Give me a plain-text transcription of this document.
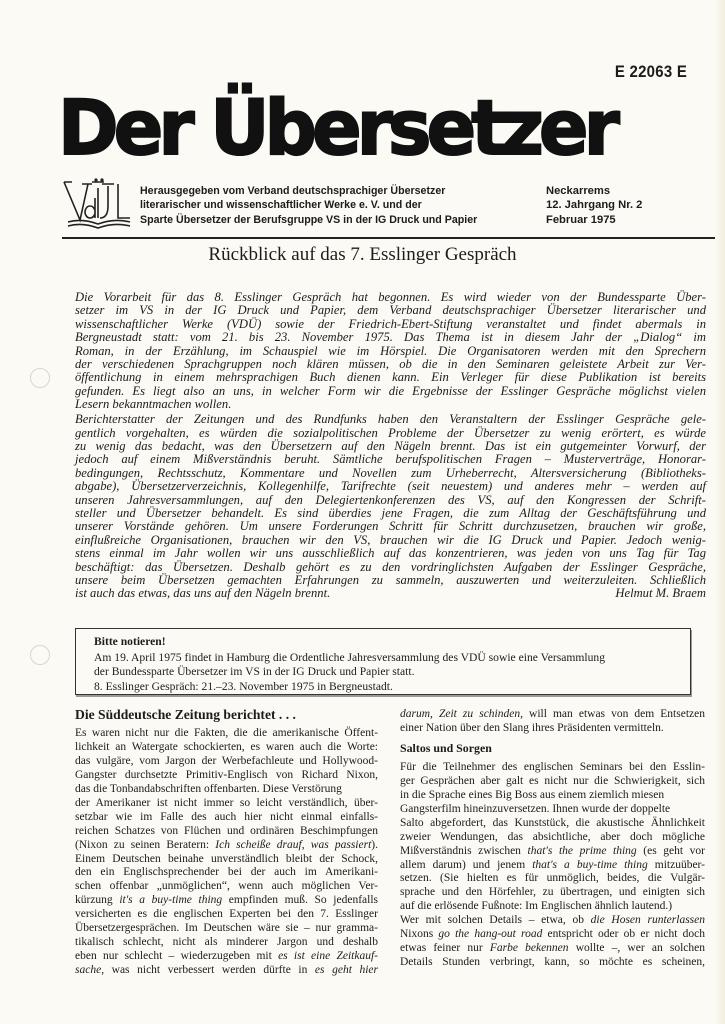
E 22063 E
Der Übersetzer
Herausgegeben vom Verband deutschsprachiger Übersetzer
literarischer und wissenschaftlicher Werke e. V. und der
Sparte Übersetzer der Berufsgruppe VS in der IG Druck und Papier
Neckarrems
12. Jahrgang Nr. 2
Februar 1975
Rückblick auf das 7. Esslinger Gespräch
Die Vorarbeit für das 8. Esslinger Gespräch hat begonnen. Es wird wieder von der Bundessparte Über-
setzer im VS in der IG Druck und Papier, dem Verband deutschsprachiger Übersetzer literarischer und
wissenschaftlicher Werke (VDÜ) sowie der Friedrich-Ebert-Stiftung veranstaltet und findet abermals in
Bergneustadt statt: vom 21. bis 23. November 1975. Das Thema ist in diesem Jahr der „Dialog“ im
Roman, in der Erzählung, im Schauspiel wie im Hörspiel. Die Organisatoren werden mit den Sprechern
der verschiedenen Sprachgruppen noch klären müssen, ob die in den Seminaren geleistete Arbeit zur Ver-
öffentlichung in einem mehrsprachigen Buch dienen kann. Ein Verleger für diese Publikation ist bereits
gefunden. Es liegt also an uns, in welcher Form wir die Ergebnisse der Esslinger Gespräche möglichst vielen
Lesern bekanntmachen wollen.
Berichterstatter der Zeitungen und des Rundfunks haben den Veranstaltern der Esslinger Gespräche gele-
gentlich vorgehalten, es würden die sozialpolitischen Probleme der Übersetzer zu wenig erörtert, es würde
zu wenig das bedacht, was den Übersetzern auf den Nägeln brennt. Das ist ein gutgemeinter Vorwurf, der
jedoch auf einem Mißverständnis beruht. Sämtliche berufspolitischen Fragen – Musterverträge, Honorar-
bedingungen, Rechtsschutz, Kommentare und Novellen zum Urheberrecht, Altersversicherung (Bibliotheks-
abgabe), Übersetzerverzeichnis, Kollegenhilfe, Tarifrechte (seit neuestem) und anderes mehr – werden auf
unseren Jahresversammlungen, auf den Delegiertenkonferenzen des VS, auf den Kongressen der Schrift-
steller und Übersetzer behandelt. Es sind überdies jene Fragen, die zum Alltag der Geschäftsführung und
unserer Vorstände gehören. Um unsere Forderungen Schritt für Schritt durchzusetzen, brauchen wir große,
einflußreiche Organisationen, brauchen wir den VS, brauchen wir die IG Druck und Papier. Jedoch wenig-
stens einmal im Jahr wollen wir uns ausschließlich auf das konzentrieren, was jeden von uns Tag für Tag
beschäftigt: das Übersetzen. Deshalb gehört es zu den vordringlichsten Aufgaben der Esslinger Gespräche,
unsere beim Übersetzen gemachten Erfahrungen zu sammeln, auszuwerten und weiterzuleiten. Schließlich
ist auch das etwas, das uns auf den Nägeln brennt.	Helmut M. Braem
Bitte notieren!
Am 19. April 1975 findet in Hamburg die Ordentliche Jahresversammlung des VDÜ sowie eine Versammlung
der Bundessparte Übersetzer im VS in der IG Druck und Papier statt.
8. Esslinger Gespräch: 21.–23. November 1975 in Bergneustadt.
Die Süddeutsche Zeitung berichtet . . .
Es waren nicht nur die Fakten, die die amerikanische Öffent-
lichkeit an Watergate schockierten, es waren auch die Worte:
das vulgäre, vom Jargon der Werbefachleute und Hollywood-
Gangster durchsetzte Primitiv-Englisch von Richard Nixon,
das die Tonbandabschriften offenbarten. Diese Verstörung
der Amerikaner ist nicht immer so leicht verständlich, über-
setzbar wie im Falle des auch hier nicht einmal einfalls-
reichen Schatzes von Flüchen und ordinären Beschimpfungen
(Nixon zu seinen Beratern: Ich scheiße drauf, was passiert).
Einem Deutschen beinahe unverständlich bleibt der Schock,
den ein Englischsprechender bei der auch im Amerikani-
schen offenbar „unmöglichen“, wenn auch möglichen Ver-
kürzung it's a buy-time thing empfinden muß. So jedenfalls
versicherten es die englischen Experten bei den 7. Esslinger
Übersetzergesprächen. Im Deutschen wäre sie – nur gramma-
tikalisch schlecht, nicht als minderer Jargon und deshalb
eben nur schlecht – wiederzugeben mit es ist eine Zeitkauf-
sache, was nicht verbessert werden dürfte in es geht hier
darum, Zeit zu schinden, will man etwas von dem Entsetzen
einer Nation über den Slang ihres Präsidenten vermitteln.
Saltos und Sorgen
Für die Teilnehmer des englischen Seminars bei den Esslin-
ger Gesprächen aber galt es nicht nur die Schwierigkeit, sich
in die Sprache eines Big Boss aus einem ziemlich miesen
Gangsterfilm hineinzuversetzen. Ihnen wurde der doppelte
Salto abgefordert, das Kunststück, die akustische Ähnlichkeit
zweier Wendungen, das absichtliche, aber doch mögliche
Mißverständnis zwischen that's the prime thing (es geht vor
allem darum) und jenem that's a buy-time thing mitzuüber-
setzen. (Sie hielten es für unmöglich, beides, die Vulgär-
sprache und den Hörfehler, zu übertragen, und einigten sich
auf die erlösende Fußnote: Im Englischen ähnlich lautend.)
Wer mit solchen Details – etwa, ob die Hosen runterlassen
Nixons go the hang-out road entspricht oder ob er nicht doch
etwas feiner nur Farbe bekennen wollte –, wer an solchen
Details Stunden verbringt, kann, so möchte es scheinen,
